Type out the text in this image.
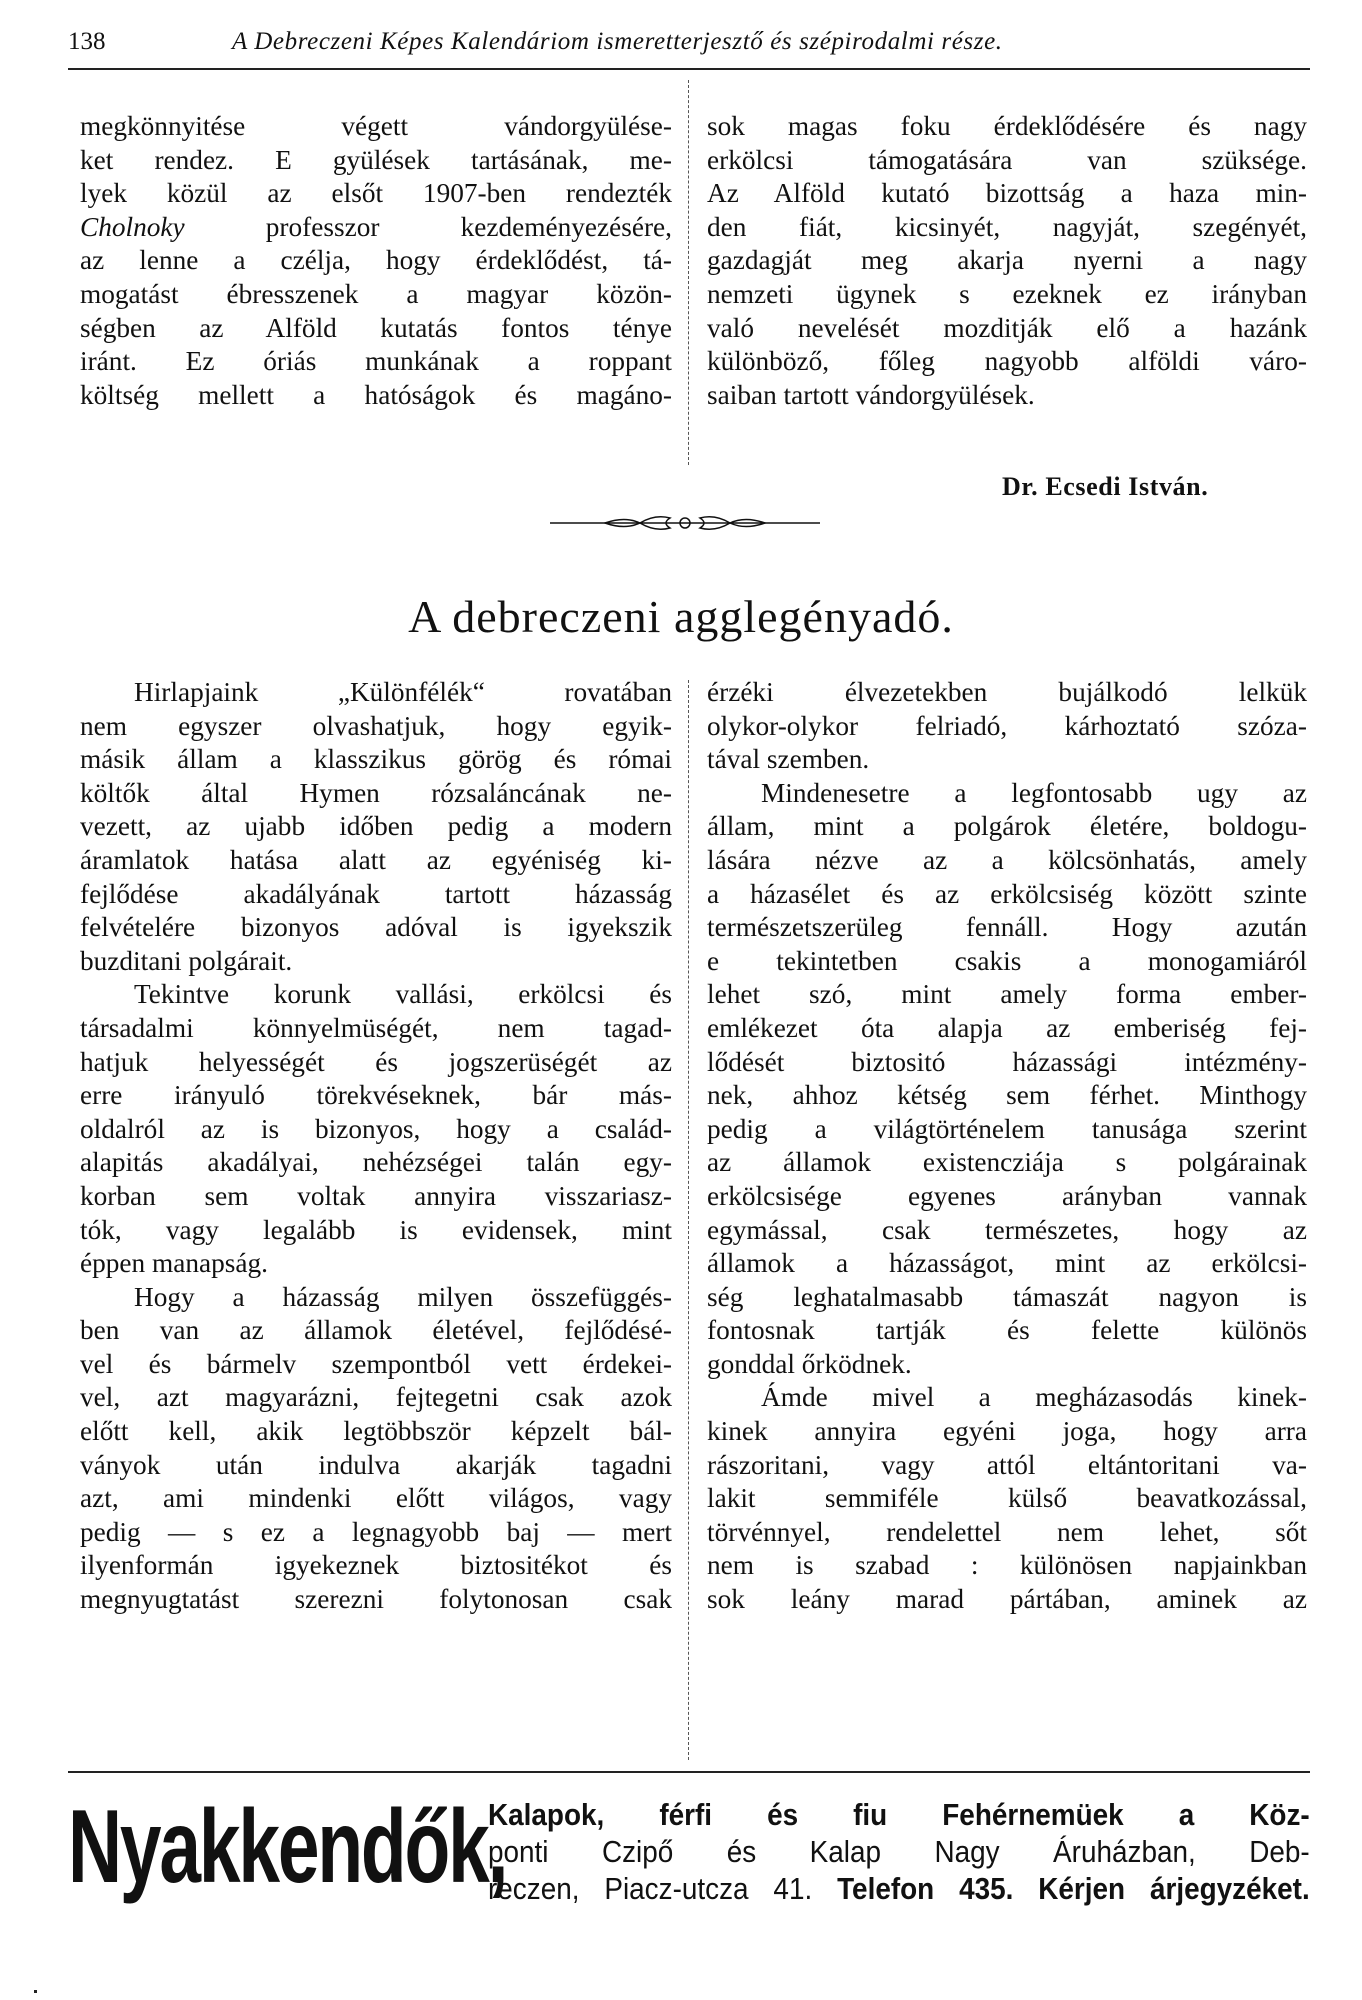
138	A Debreczeni Képes Kalendáriom ismeretterjesztő és szépirodalmi része.
megkönnyitése végett vándorgyülése-
ket rendez. E gyülések tartásának, me-
lyek közül az elsőt 1907-ben rendezték
Cholnoky professzor kezdeményezésére,
az lenne a czélja, hogy érdeklődést, tá-
mogatást ébresszenek a magyar közön-
ségben az Alföld kutatás fontos ténye
iránt. Ez óriás munkának a roppant
költség mellett a hatóságok és magáno-
sok magas foku érdeklődésére és nagy
erkölcsi támogatására van szüksége.
Az Alföld kutató bizottság a haza min-
den fiát, kicsinyét, nagyját, szegényét,
gazdagját meg akarja nyerni a nagy
nemzeti ügynek s ezeknek ez irányban
való nevelését mozditják elő a hazánk
különböző, főleg nagyobb alföldi váro-
saiban tartott vándorgyülések.
Dr. Ecsedi István.
A debreczeni agglegényadó.
Hirlapjaink „Különfélék“ rovatában
nem egyszer olvashatjuk, hogy egyik-
másik állam a klasszikus görög és római
költők által Hymen rózsaláncának ne-
vezett, az ujabb időben pedig a modern
áramlatok hatása alatt az egyéniség ki-
fejlődése akadályának tartott házasság
felvételére bizonyos adóval is igyekszik
buzditani polgárait.
Tekintve korunk vallási, erkölcsi és
társadalmi könnyelmüségét, nem tagad-
hatjuk helyességét és jogszerüségét az
erre irányuló törekvéseknek, bár más-
oldalról az is bizonyos, hogy a család-
alapitás akadályai, nehézségei talán egy-
korban sem voltak annyira visszariasz-
tók, vagy legalább is evidensek, mint
éppen manapság.
Hogy a házasság milyen összefüggés-
ben van az államok életével, fejlődésé-
vel és bármelv szempontból vett érdekei-
vel, azt magyarázni, fejtegetni csak azok
előtt kell, akik legtöbbször képzelt bál-
ványok után indulva akarják tagadni
azt, ami mindenki előtt világos, vagy
pedig — s ez a legnagyobb baj — mert
ilyenformán igyekeznek biztositékot és
megnyugtatást szerezni folytonosan csak
érzéki élvezetekben bujálkodó lelkük
olykor-olykor felriadó, kárhoztató szóza-
tával szemben.
Mindenesetre a legfontosabb ugy az
állam, mint a polgárok életére, boldogu-
lására nézve az a kölcsönhatás, amely
a házasélet és az erkölcsiség között szinte
természetszerüleg fennáll. Hogy azután
e tekintetben csakis a monogamiáról
lehet szó, mint amely forma ember-
emlékezet óta alapja az emberiség fej-
lődését biztositó házassági intézmény-
nek, ahhoz kétség sem férhet. Minthogy
pedig a világtörténelem tanusága szerint
az államok existencziája s polgárainak
erkölcsisége egyenes arányban vannak
egymással, csak természetes, hogy az
államok a házasságot, mint az erkölcsi-
ség leghatalmasabb támaszát nagyon is
fontosnak tartják és felette különös
gonddal őrködnek.
Ámde mivel a megházasodás kinek-
kinek annyira egyéni joga, hogy arra
rászoritani, vagy attól eltántoritani va-
lakit semmiféle külső beavatkozással,
törvénnyel, rendelettel nem lehet, sőt
nem is szabad : különösen napjainkban
sok leány marad pártában, aminek az
Nyakkendők,
Kalapok, férfi és fiu Fehérnemüek a Köz-
ponti Czipő és Kalap Nagy Áruházban, Deb-
reczen, Piacz-utcza 41. Telefon 435. Kérjen árjegyzéket.
